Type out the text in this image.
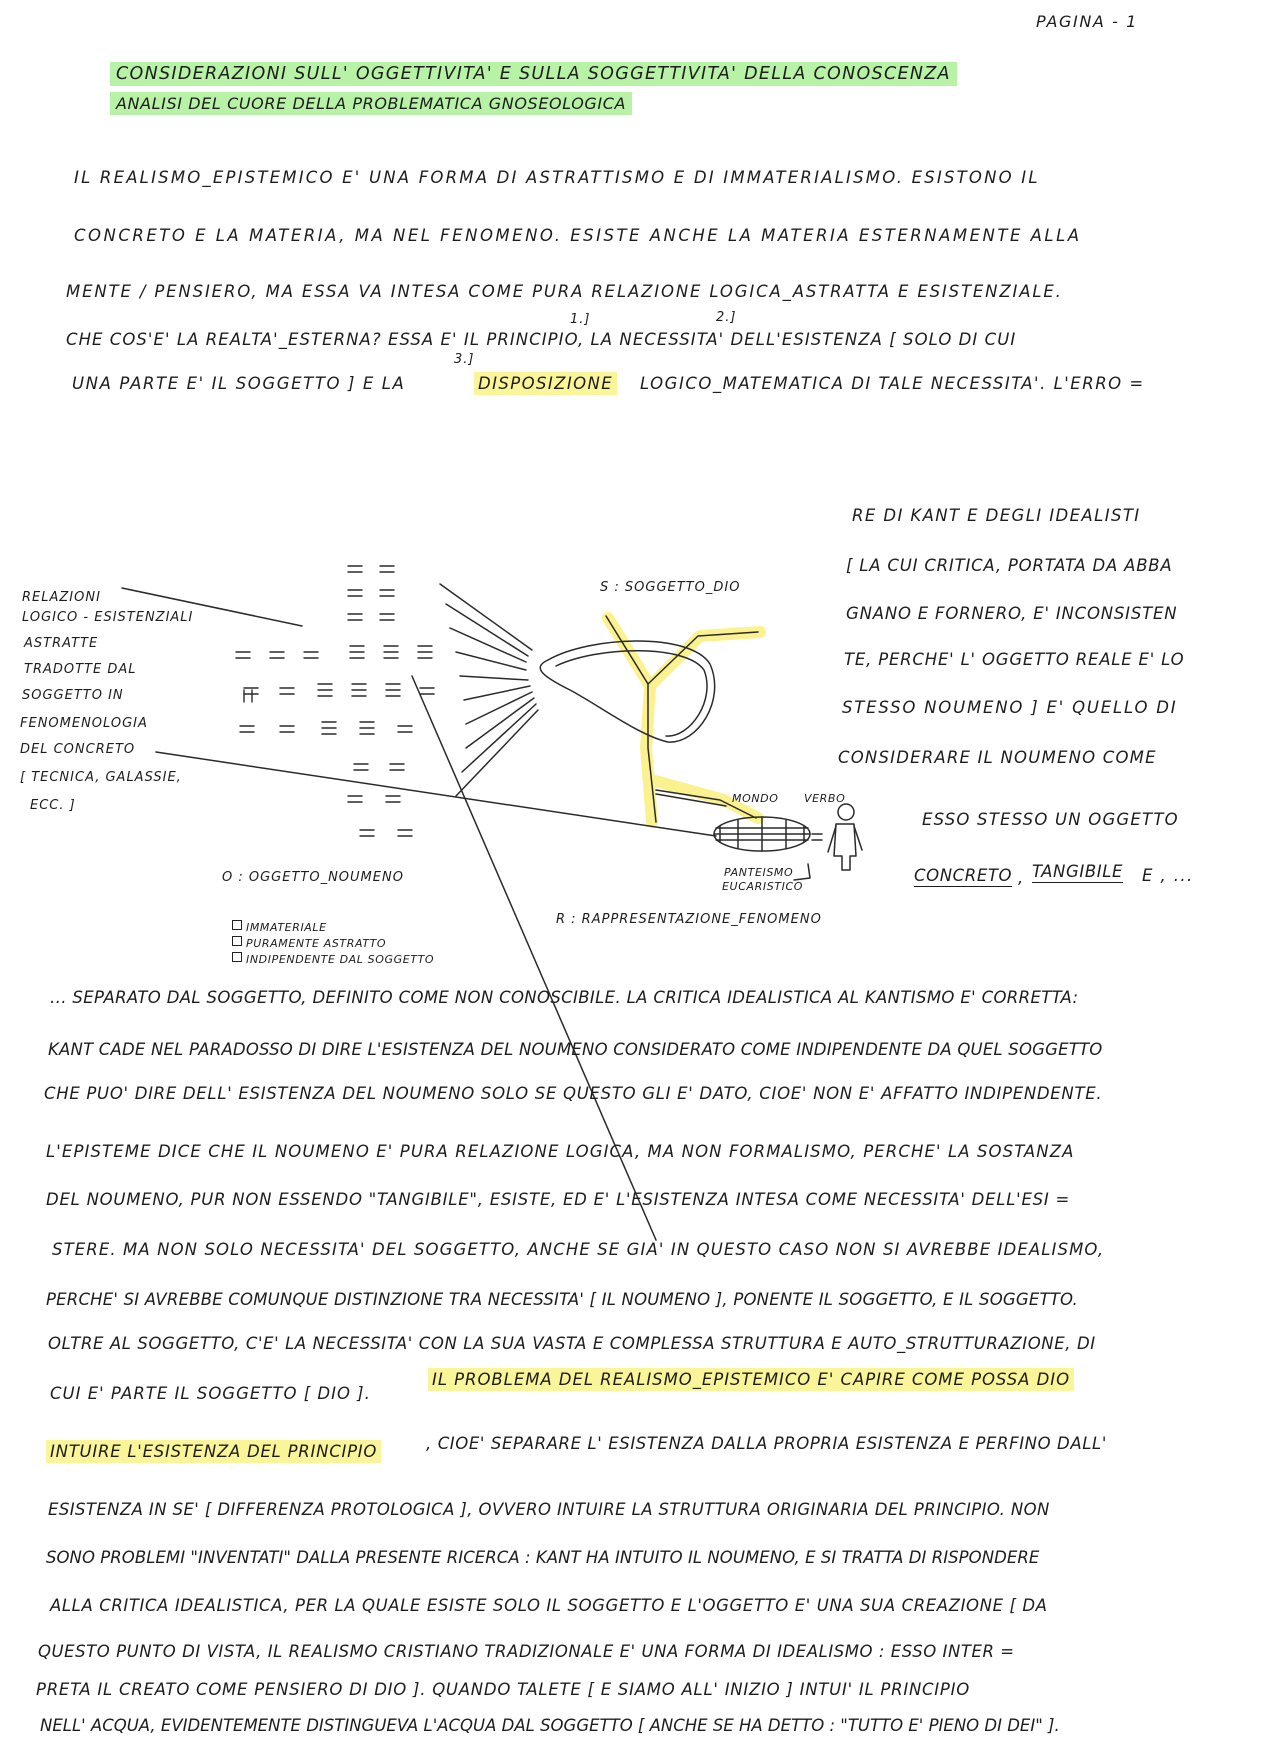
PAGINA - 1
CONSIDERAZIONI SULL' OGGETTIVITA' E SULLA SOGGETTIVITA' DELLA CONOSCENZA
ANALISI DEL CUORE DELLA PROBLEMATICA GNOSEOLOGICA
IL REALISMO_EPISTEMICO E' UNA FORMA DI ASTRATTISMO E DI IMMATERIALISMO. ESISTONO IL
CONCRETO E LA MATERIA, MA NEL FENOMENO. ESISTE ANCHE LA MATERIA ESTERNAMENTE ALLA
MENTE / PENSIERO, MA ESSA VA INTESA COME PURA RELAZIONE LOGICA_ASTRATTA E ESISTENZIALE.
1.]	2.]
CHE COS'E' LA REALTA'_ESTERNA? ESSA E' IL PRINCIPIO, LA NECESSITA' DELL'ESISTENZA [ SOLO DI CUI
3.]
UNA PARTE E' IL SOGGETTO ] E LA	DISPOSIZIONE LOGICO_MATEMATICA DI TALE NECESSITA'. L'ERRO =
RE DI KANT E DEGLI IDEALISTI
[ LA CUI CRITICA, PORTATA DA ABBA
GNANO E FORNERO, E' INCONSISTEN
TE, PERCHE' L' OGGETTO REALE E' LO
STESSO NOUMENO ] E' QUELLO DI
CONSIDERARE IL NOUMENO COME
ESSO STESSO UN OGGETTO
CONCRETO , TANGIBILE E , ...
RELAZIONI
LOGICO - ESISTENZIALI
ASTRATTE
TRADOTTE DAL
SOGGETTO IN
FENOMENOLOGIA
DEL CONCRETO
[ TECNICA, GALASSIE,
ECC. ]
S : SOGGETTO_DIO
MONDO VERBO
PANTEISMO
EUCARISTICO
O : OGGETTO_NOUMENO
IMMATERIALE
PURAMENTE ASTRATTO
INDIPENDENTE DAL SOGGETTO
R : RAPPRESENTAZIONE_FENOMENO
... SEPARATO DAL SOGGETTO, DEFINITO COME NON CONOSCIBILE. LA CRITICA IDEALISTICA AL KANTISMO E' CORRETTA:
KANT CADE NEL PARADOSSO DI DIRE L'ESISTENZA DEL NOUMENO CONSIDERATO COME INDIPENDENTE DA QUEL SOGGETTO
CHE PUO' DIRE DELL' ESISTENZA DEL NOUMENO SOLO SE QUESTO GLI E' DATO, CIOE' NON E' AFFATTO INDIPENDENTE.
L'EPISTEME DICE CHE IL NOUMENO E' PURA RELAZIONE LOGICA, MA NON FORMALISMO, PERCHE' LA SOSTANZA
DEL NOUMENO, PUR NON ESSENDO "TANGIBILE", ESISTE, ED E' L'ESISTENZA INTESA COME NECESSITA' DELL'ESI =
STERE. MA NON SOLO NECESSITA' DEL SOGGETTO, ANCHE SE GIA' IN QUESTO CASO NON SI AVREBBE IDEALISMO,
PERCHE' SI AVREBBE COMUNQUE DISTINZIONE TRA NECESSITA' [ IL NOUMENO ], PONENTE IL SOGGETTO, E IL SOGGETTO.
OLTRE AL SOGGETTO, C'E' LA NECESSITA' CON LA SUA VASTA E COMPLESSA STRUTTURA E AUTO_STRUTTURAZIONE, DI
CUI E' PARTE IL SOGGETTO [ DIO ].
IL PROBLEMA DEL REALISMO_EPISTEMICO E' CAPIRE COME POSSA DIO
INTUIRE L'ESISTENZA DEL PRINCIPIO	, CIOE' SEPARARE L' ESISTENZA DALLA PROPRIA ESISTENZA E PERFINO DALL'
ESISTENZA IN SE' [ DIFFERENZA PROTOLOGICA ], OVVERO INTUIRE LA STRUTTURA ORIGINARIA DEL PRINCIPIO. NON
SONO PROBLEMI "INVENTATI" DALLA PRESENTE RICERCA : KANT HA INTUITO IL NOUMENO, E SI TRATTA DI RISPONDERE
ALLA CRITICA IDEALISTICA, PER LA QUALE ESISTE SOLO IL SOGGETTO E L'OGGETTO E' UNA SUA CREAZIONE [ DA
QUESTO PUNTO DI VISTA, IL REALISMO CRISTIANO TRADIZIONALE E' UNA FORMA DI IDEALISMO : ESSO INTER =
PRETA IL CREATO COME PENSIERO DI DIO ]. QUANDO TALETE [ E SIAMO ALL' INIZIO ] INTUI' IL PRINCIPIO
NELL' ACQUA, EVIDENTEMENTE DISTINGUEVA L'ACQUA DAL SOGGETTO [ ANCHE SE HA DETTO : "TUTTO E' PIENO DI DEI" ].
